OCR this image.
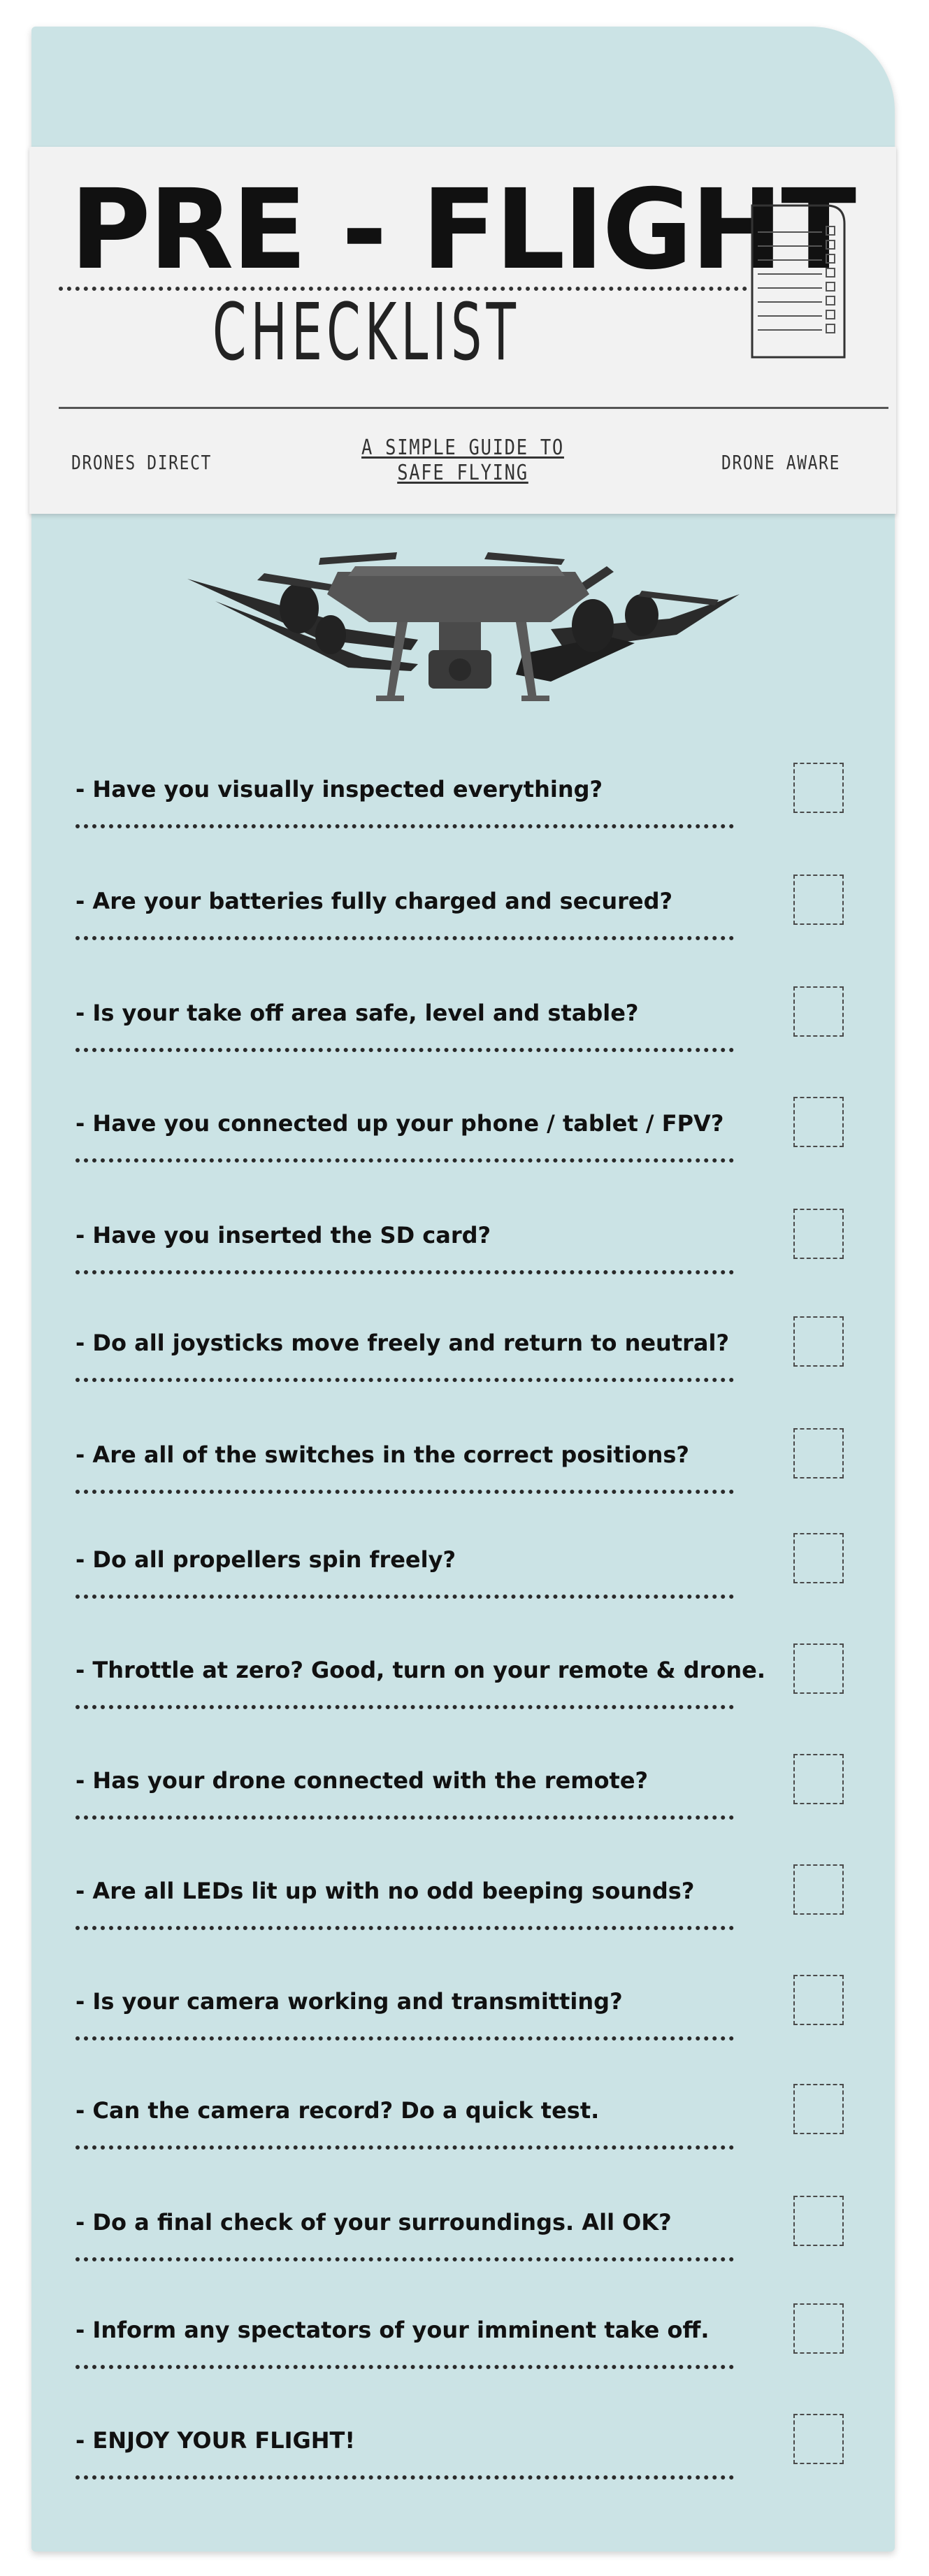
PRE - FLIGHT
CHECKLIST
DRONES DIRECT
A SIMPLE GUIDE TO
SAFE FLYING	DRONE AWARE
- Have you visually inspected everything?
- Are your batteries fully charged and secured?
- Is your take off area safe, level and stable?
- Have you connected up your phone / tablet / FPV?
- Have you inserted the SD card?
- Do all joysticks move freely and return to neutral?
- Are all of the switches in the correct positions?
- Do all propellers spin freely?
- Throttle at zero? Good, turn on your remote & drone.
- Has your drone connected with the remote?
- Are all LEDs lit up with no odd beeping sounds?
- Is your camera working and transmitting?
- Can the camera record? Do a quick test.
- Do a final check of your surroundings. All OK?
- Inform any spectators of your imminent take off.
- ENJOY YOUR FLIGHT!
